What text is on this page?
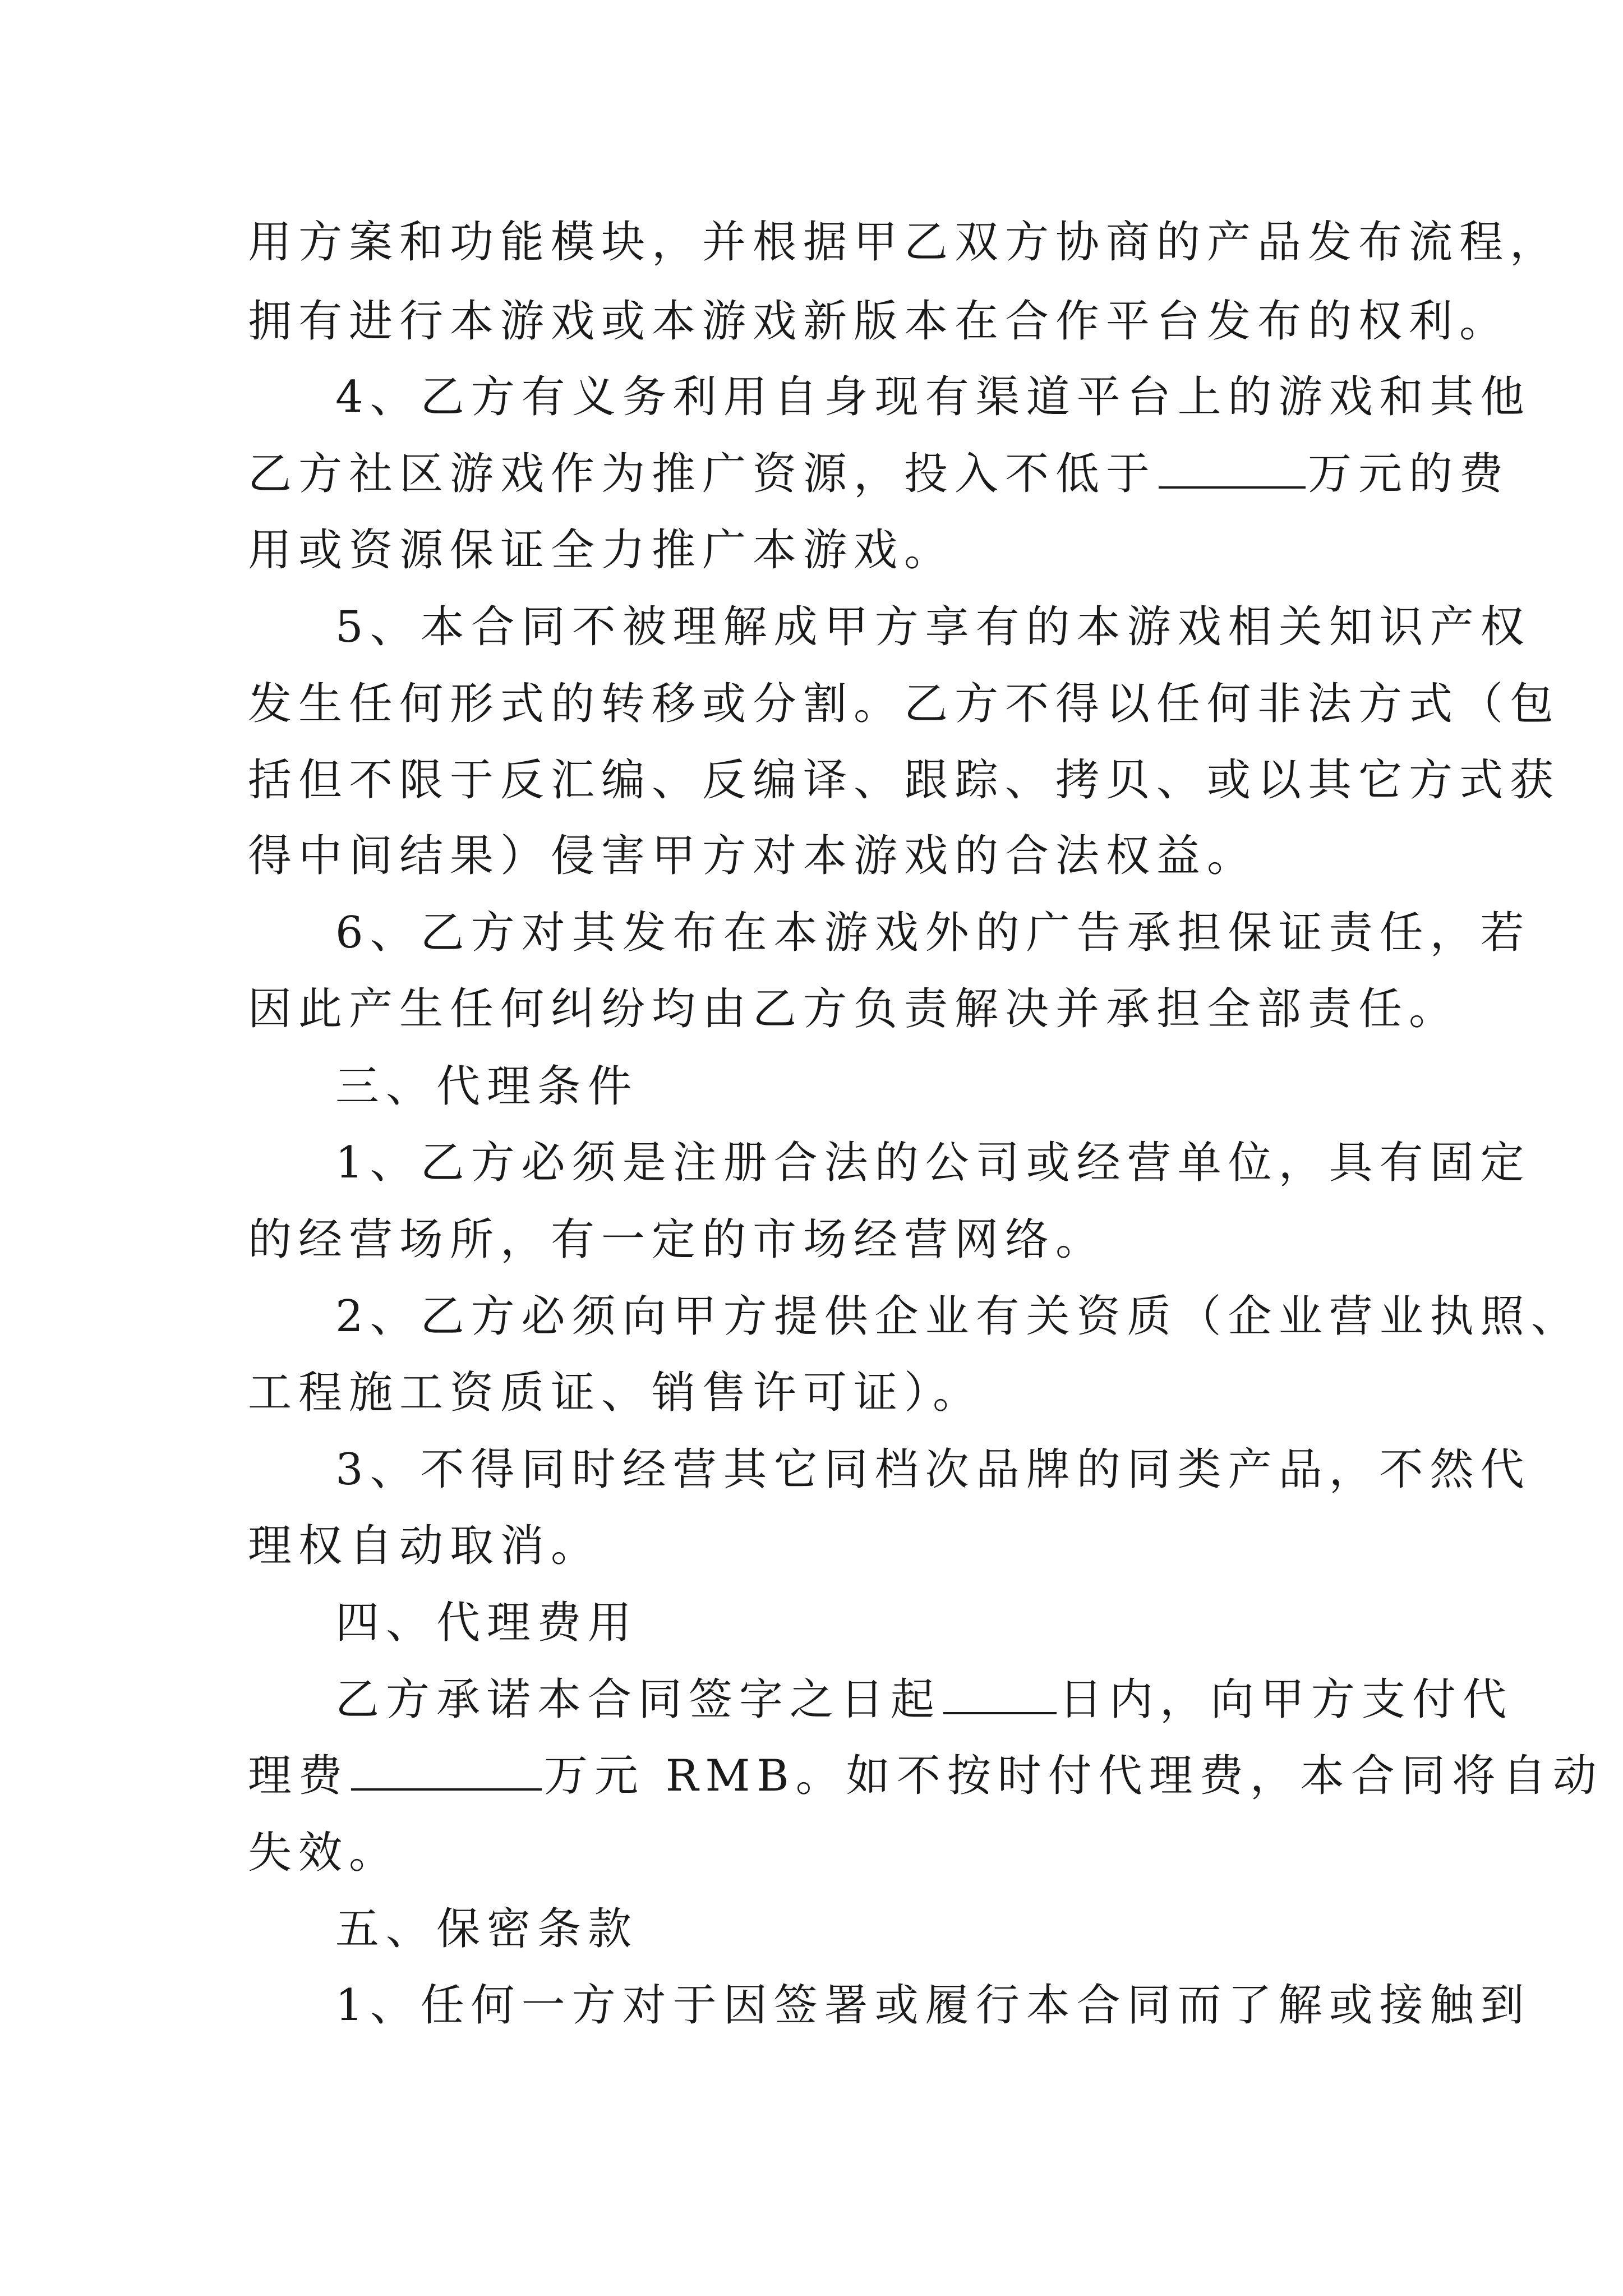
用方案和功能模块，并根据甲乙双方协商的产品发布流程，
拥有进行本游戏或本游戏新版本在合作平台发布的权利。
4、乙方有义务利用自身现有渠道平台上的游戏和其他
乙方社区游戏作为推广资源，投入不低于	万元的费
用或资源保证全力推广本游戏。
5、本合同不被理解成甲方享有的本游戏相关知识产权
发生任何形式的转移或分割。乙方不得以任何非法方式（包
括但不限于反汇编、反编译、跟踪、拷贝、或以其它方式获
得中间结果）侵害甲方对本游戏的合法权益。
6、乙方对其发布在本游戏外的广告承担保证责任，若
因此产生任何纠纷均由乙方负责解决并承担全部责任。
三、代理条件
1、乙方必须是注册合法的公司或经营单位，具有固定
的经营场所，有一定的市场经营网络。
2、乙方必须向甲方提供企业有关资质（企业营业执照、
工程施工资质证、销售许可证）。
3、不得同时经营其它同档次品牌的同类产品，不然代
理权自动取消。
四、代理费用
乙方承诺本合同签字之日起	日内，向甲方支付代
理费	万元 RMB。如不按时付代理费，本合同将自动
失效。
五、保密条款
1、任何一方对于因签署或履行本合同而了解或接触到
